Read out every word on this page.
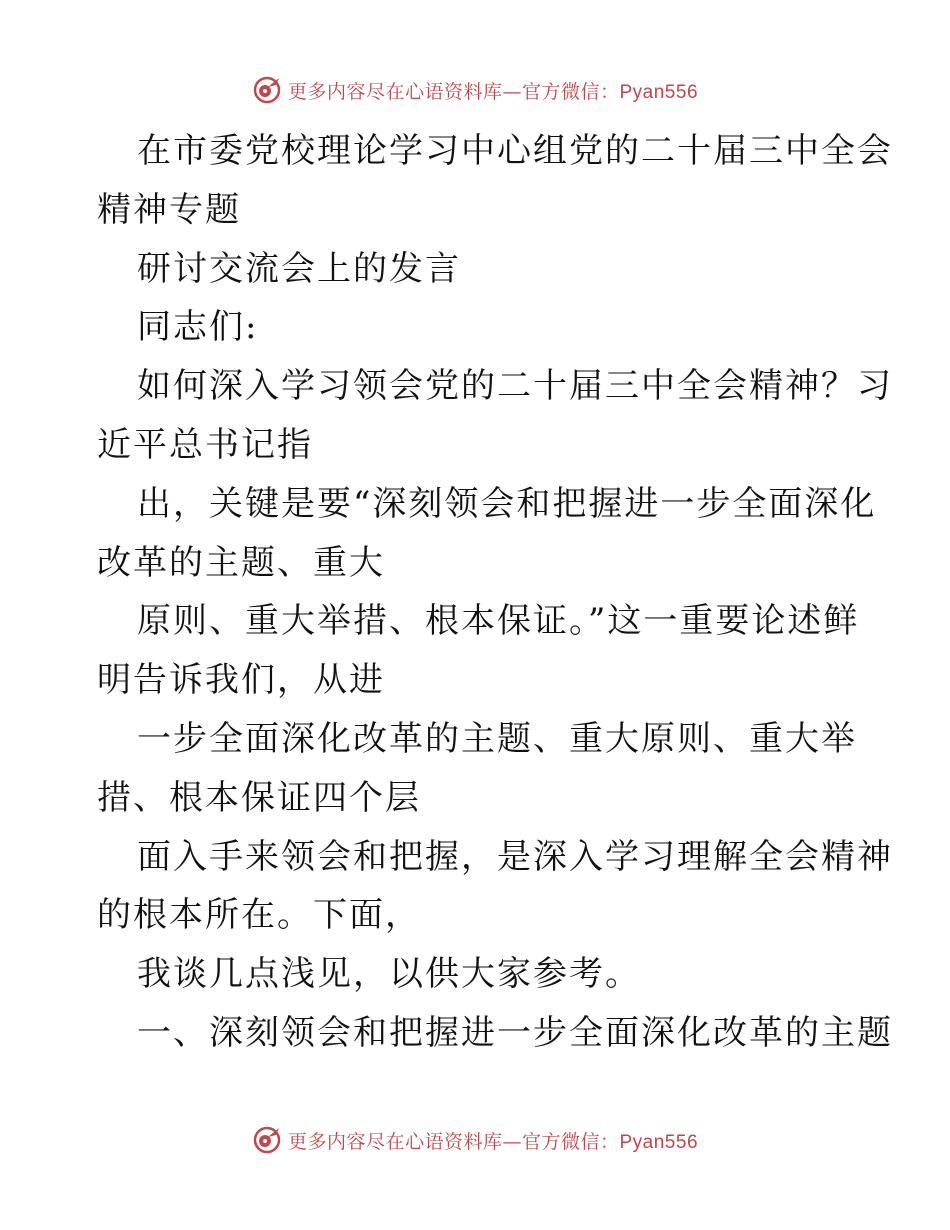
更多内容尽在心语资料库—官方微信：Pyan556
在市委党校理论学习中心组党的二十届三中全会
精神专题
研讨交流会上的发言
同志们:
如何深入学习领会党的二十届三中全会精神？习
近平总书记指
出，关键是要“深刻领会和把握进一步全面深化
改革的主题、重大
原则、重大举措、根本保证。”这一重要论述鲜
明告诉我们，从进
一步全面深化改革的主题、重大原则、重大举
措、根本保证四个层
面入手来领会和把握，是深入学习理解全会精神
的根本所在。下面，
我谈几点浅见，以供大家参考。
一、深刻领会和把握进一步全面深化改革的主题
更多内容尽在心语资料库—官方微信：Pyan556
